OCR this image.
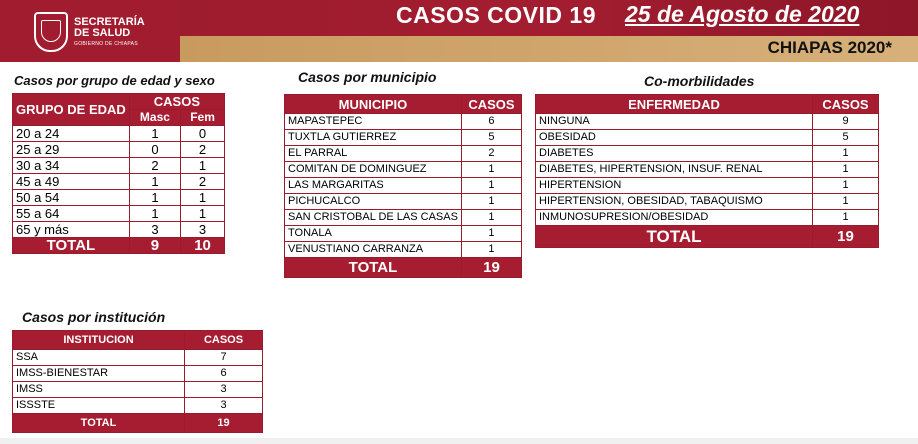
SECRETARÍA
DE SALUD
GOBIERNO DE CHIAPAS
CASOS COVID 19 25 de Agosto de 2020
CHIAPAS 2020*
Casos por grupo de edad y sexo
GRUPO DE EDAD	CASOS	
	Masc	Fem
20 a 24	1	0
25 a 29	0	2
30 a 34	2	1
45 a 49	1	2
50 a 54	1	1
55 a 64	1	1
65 y más	3	3
TOTAL	9	10
Casos por municipio
MUNICIPIO	CASOS
MAPASTEPEC	6
TUXTLA GUTIERREZ	5
EL PARRAL	2
COMITAN DE DOMINGUEZ	1
LAS MARGARITAS	1
PICHUCALCO	1
SAN CRISTOBAL DE LAS CASAS	1
TONALA	1
VENUSTIANO CARRANZA	1
TOTAL	19
Co-morbilidades
ENFERMEDAD	CASOS
NINGUNA	9
OBESIDAD	5
DIABETES	1
DIABETES, HIPERTENSION, INSUF. RENAL	1
HIPERTENSION	1
HIPERTENSION, OBESIDAD, TABAQUISMO	1
INMUNOSUPRESION/OBESIDAD	1
TOTAL	19
Casos por institución
INSTITUCION	CASOS
SSA	7
IMSS-BIENESTAR	6
IMSS	3
ISSSTE	3
TOTAL	19
